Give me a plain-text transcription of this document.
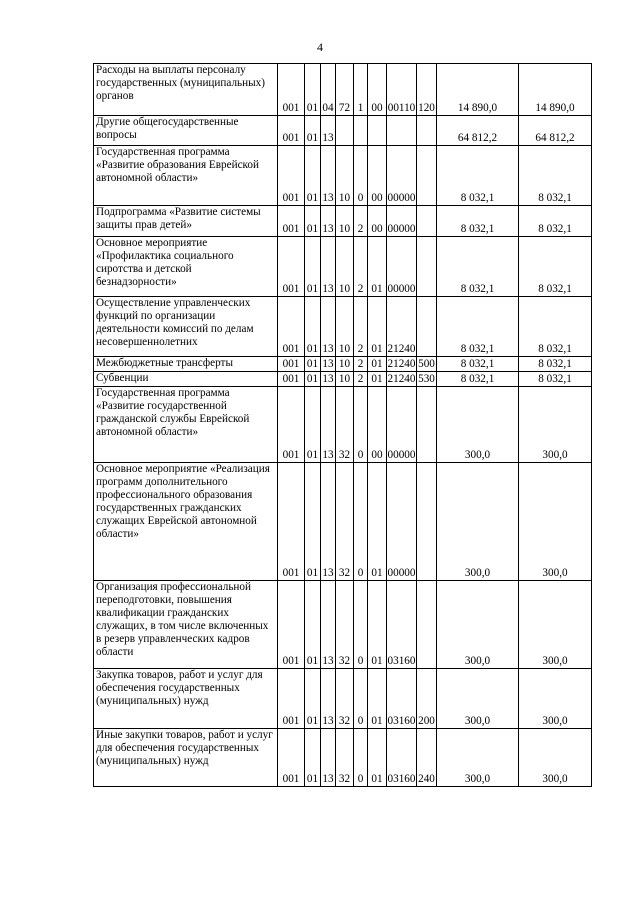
4
Расходы на выплаты персоналу государственных (муниципальных) органов	001	01	04	72	1	00	00110	120	14 890,0	14 890,0
Другие общегосударственные вопросы	001	01	13						64 812,2	64 812,2
Государственная программа «Развитие образования Еврейской автономной области»	001	01	13	10	0	00	00000		8 032,1	8 032,1
Подпрограмма «Развитие системы защиты прав детей»	001	01	13	10	2	00	00000		8 032,1	8 032,1
Основное мероприятие «Профилактика социального сиротства и детской безнадзорности»	001	01	13	10	2	01	00000		8 032,1	8 032,1
Осуществление управленческих функций по организации деятельности комиссий по делам несовершеннолетних	001	01	13	10	2	01	21240		8 032,1	8 032,1
Межбюджетные трансферты	001	01	13	10	2	01	21240	500	8 032,1	8 032,1
Субвенции	001	01	13	10	2	01	21240	530	8 032,1	8 032,1
Государственная программа «Развитие государственной гражданской службы Еврейской автономной области»	001	01	13	32	0	00	00000		300,0	300,0
Основное мероприятие «Реализация программ дополнительного профессионального образования государственных гражданских служащих Еврейской автономной области»	001	01	13	32	0	01	00000		300,0	300,0
Организация профессиональной переподготовки, повышения квалификации гражданских служащих, в том числе включенных в резерв управленческих кадров области	001	01	13	32	0	01	03160		300,0	300,0
Закупка товаров, работ и услуг для обеспечения государственных (муниципальных) нужд	001	01	13	32	0	01	03160	200	300,0	300,0
Иные закупки товаров, работ и услуг для обеспечения государственных (муниципальных) нужд	001	01	13	32	0	01	03160	240	300,0	300,0
